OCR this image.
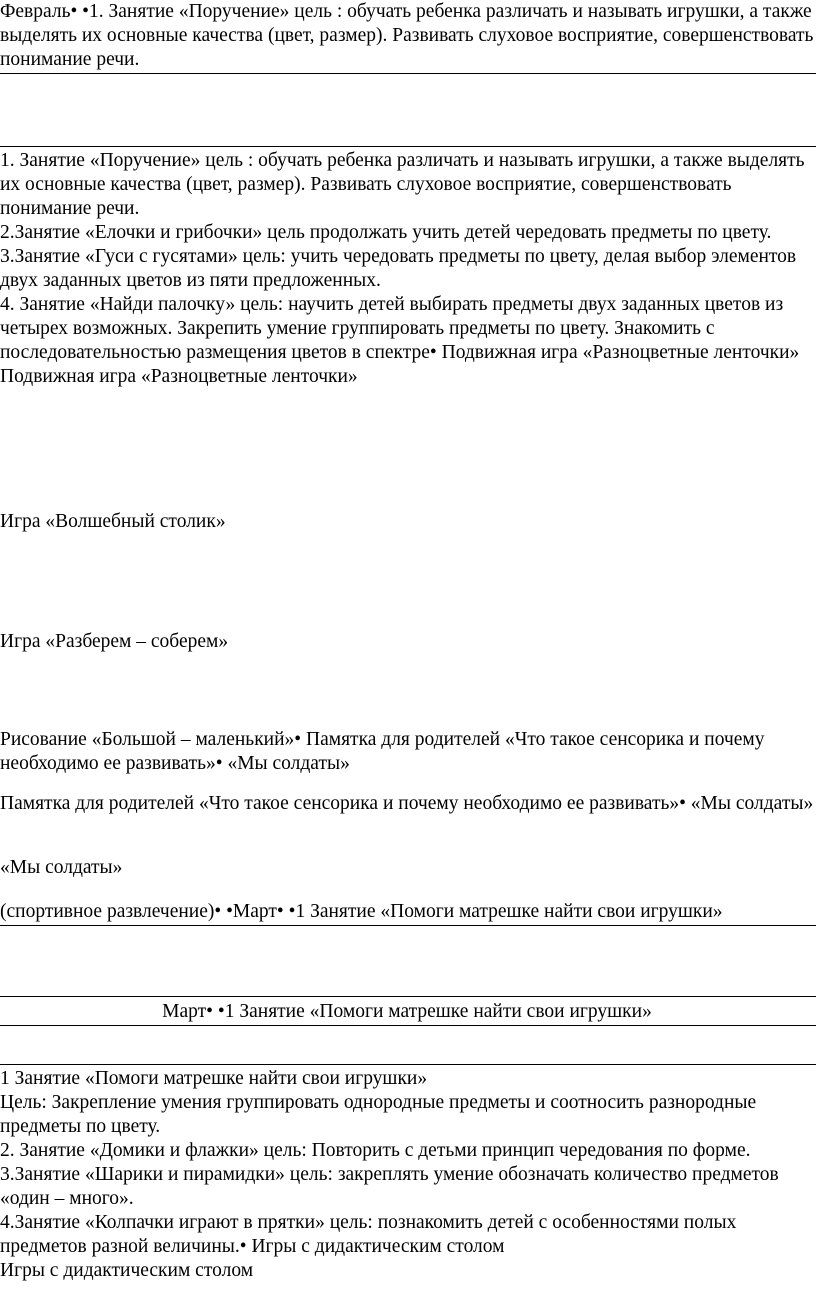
Февраль• •1. Занятие «Поручение» цель : обучать ребенка различать и называть игрушки, а также выделять их основные качества (цвет, размер). Развивать слуховое восприятие, совершенствовать понимание речи.

1. Занятие «Поручение» цель : обучать ребенка различать и называть игрушки, а также выделять их основные качества (цвет, размер). Развивать слуховое восприятие, совершенствовать понимание речи.

2.Занятие «Елочки и грибочки» цель продолжать учить детей чередовать предметы по цвету.

3.Занятие «Гуси с гусятами» цель: учить чередовать предметы по цвету, делая выбор элементов двух заданных цветов из пяти предложенных.

4. Занятие «Найди палочку» цель: научить детей выбирать предметы двух заданных цветов из четырех возможных. Закрепить умение группировать предметы по цвету. Знакомить с последовательностью размещения цветов в спектре• Подвижная игра «Разноцветные ленточки»

Подвижная игра «Разноцветные ленточки»

Игра «Волшебный столик»

Игра «Разберем – соберем»

Рисование «Большой – маленький»• Памятка для родителей «Что такое сенсорика и почему необходимо ее развивать»• «Мы солдаты»

Памятка для родителей «Что такое сенсорика и почему необходимо ее развивать»• «Мы солдаты»

«Мы солдаты»

(спортивное развлечение)• •Март• •1 Занятие «Помоги матрешке найти свои игрушки»

Март• •1 Занятие «Помоги матрешке найти свои игрушки»

1 Занятие «Помоги матрешке найти свои игрушки»

Цель: Закрепление умения группировать однородные предметы и соотносить разнородные предметы по цвету.

2. Занятие «Домики и флажки» цель: Повторить с детьми принцип чередования по форме.

3.Занятие «Шарики и пирамидки» цель: закреплять умение обозначать количество предметов «один – много».

4.Занятие «Колпачки играют в прятки» цель: познакомить детей с особенностями полых предметов разной величины.• Игры с дидактическим столом

Игры с дидактическим столом
